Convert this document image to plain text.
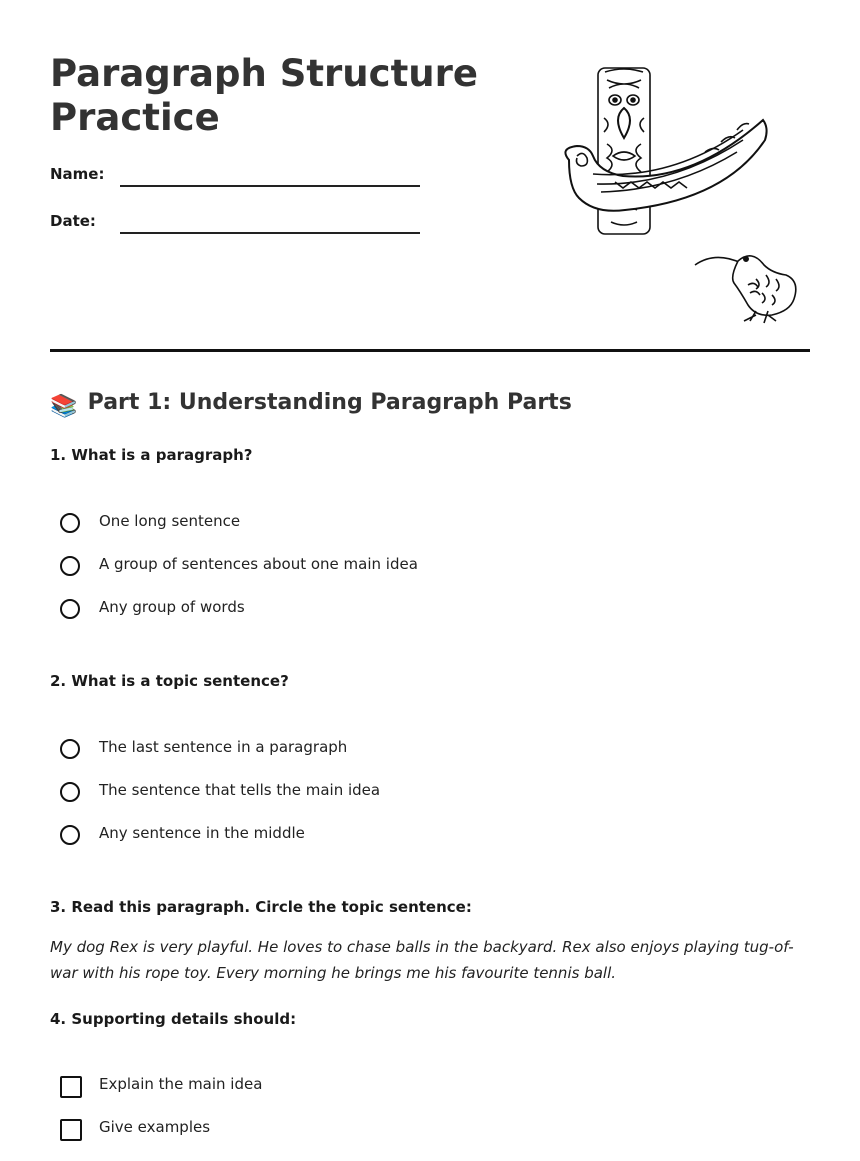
Paragraph Structure
Practice
Name:
Date:
📚 Part 1: Understanding Paragraph Parts

1. What is a paragraph?

One long sentence
A group of sentences about one main idea
Any group of words

2. What is a topic sentence?

The last sentence in a paragraph
The sentence that tells the main idea
Any sentence in the middle

3. Read this paragraph. Circle the topic sentence:

My dog Rex is very playful. He loves to chase balls in the backyard. Rex also enjoys playing tug-of-war with his rope toy. Every morning he brings me his favourite tennis ball.

4. Supporting details should:

Explain the main idea
Give examples
